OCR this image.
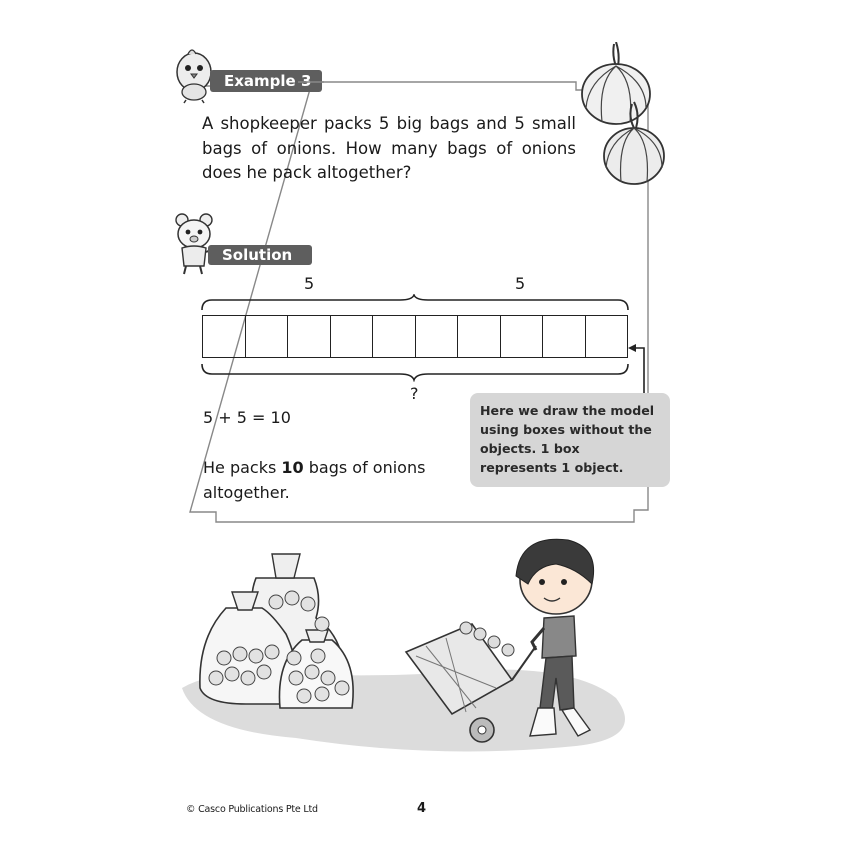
Example 3
A shopkeeper packs 5 big bags and 5 small bags of onions. How many bags of onions does he pack altogether?
Solution
5	5
?
5 + 5 = 10
He packs 10 bags of onions altogether.
Here we draw the model using boxes without the objects. 1 box represents 1 object.
© Casco Publications Pte Ltd	4
